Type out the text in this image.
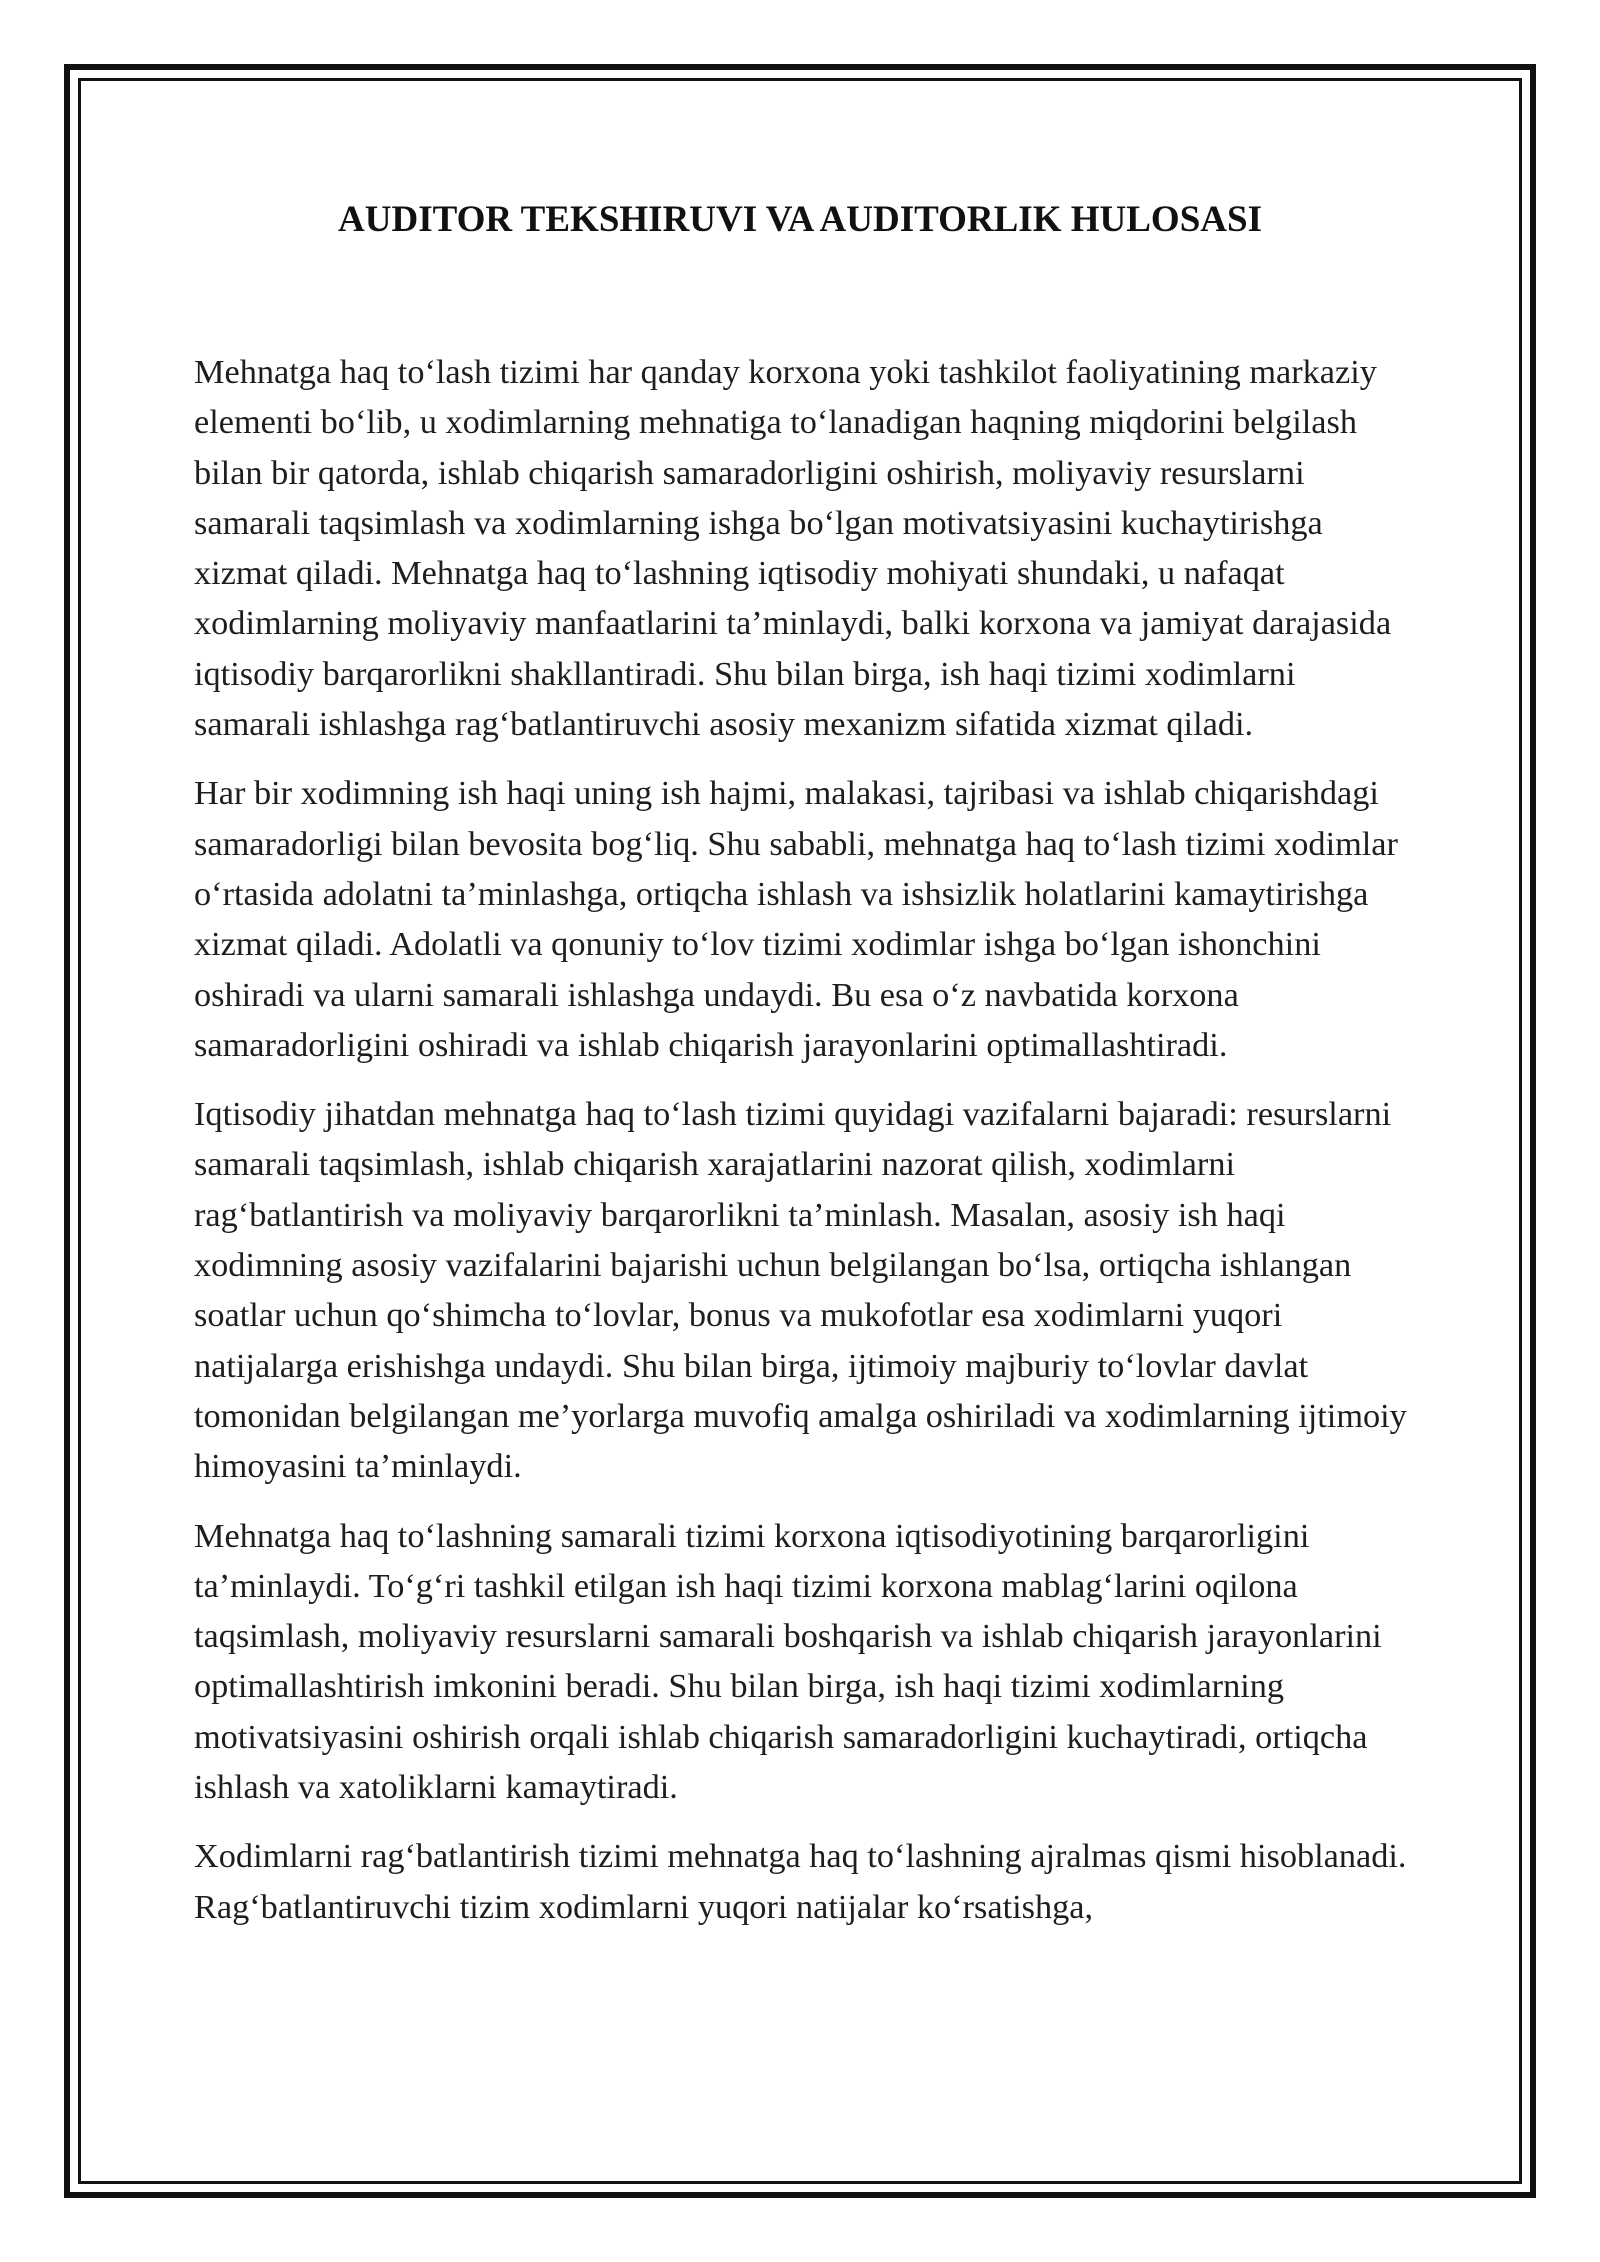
AUDITOR TEKSHIRUVI VA AUDITORLIK HULOSASI

Mehnatga haq to‘lash tizimi har qanday korxona yoki tashkilot faoliyatining markaziy elementi bo‘lib, u xodimlarning mehnatiga to‘lanadigan haqning miqdorini belgilash bilan bir qatorda, ishlab chiqarish samaradorligini oshirish, moliyaviy resurslarni samarali taqsimlash va xodimlarning ishga bo‘lgan motivatsiyasini kuchaytirishga xizmat qiladi. Mehnatga haq to‘lashning iqtisodiy mohiyati shundaki, u nafaqat xodimlarning moliyaviy manfaatlarini ta’minlaydi, balki korxona va jamiyat darajasida iqtisodiy barqarorlikni shakllantiradi. Shu bilan birga, ish haqi tizimi xodimlarni samarali ishlashga rag‘batlantiruvchi asosiy mexanizm sifatida xizmat qiladi.

Har bir xodimning ish haqi uning ish hajmi, malakasi, tajribasi va ishlab chiqarishdagi samaradorligi bilan bevosita bog‘liq. Shu sababli, mehnatga haq to‘lash tizimi xodimlar o‘rtasida adolatni ta’minlashga, ortiqcha ishlash va ishsizlik holatlarini kamaytirishga xizmat qiladi. Adolatli va qonuniy to‘lov tizimi xodimlar ishga bo‘lgan ishonchini oshiradi va ularni samarali ishlashga undaydi. Bu esa o‘z navbatida korxona samaradorligini oshiradi va ishlab chiqarish jarayonlarini optimallashtiradi.

Iqtisodiy jihatdan mehnatga haq to‘lash tizimi quyidagi vazifalarni bajaradi: resurslarni samarali taqsimlash, ishlab chiqarish xarajatlarini nazorat qilish, xodimlarni rag‘batlantirish va moliyaviy barqarorlikni ta’minlash. Masalan, asosiy ish haqi xodimning asosiy vazifalarini bajarishi uchun belgilangan bo‘lsa, ortiqcha ishlangan soatlar uchun qo‘shimcha to‘lovlar, bonus va mukofotlar esa xodimlarni yuqori natijalarga erishishga undaydi. Shu bilan birga, ijtimoiy majburiy to‘lovlar davlat tomonidan belgilangan me’yorlarga muvofiq amalga oshiriladi va xodimlarning ijtimoiy himoyasini ta’minlaydi.

Mehnatga haq to‘lashning samarali tizimi korxona iqtisodiyotining barqarorligini ta’minlaydi. To‘g‘ri tashkil etilgan ish haqi tizimi korxona mablag‘larini oqilona taqsimlash, moliyaviy resurslarni samarali boshqarish va ishlab chiqarish jarayonlarini optimallashtirish imkonini beradi. Shu bilan birga, ish haqi tizimi xodimlarning motivatsiyasini oshirish orqali ishlab chiqarish samaradorligini kuchaytiradi, ortiqcha ishlash va xatoliklarni kamaytiradi.

Xodimlarni rag‘batlantirish tizimi mehnatga haq to‘lashning ajralmas qismi hisoblanadi. Rag‘batlantiruvchi tizim xodimlarni yuqori natijalar ko‘rsatishga,
